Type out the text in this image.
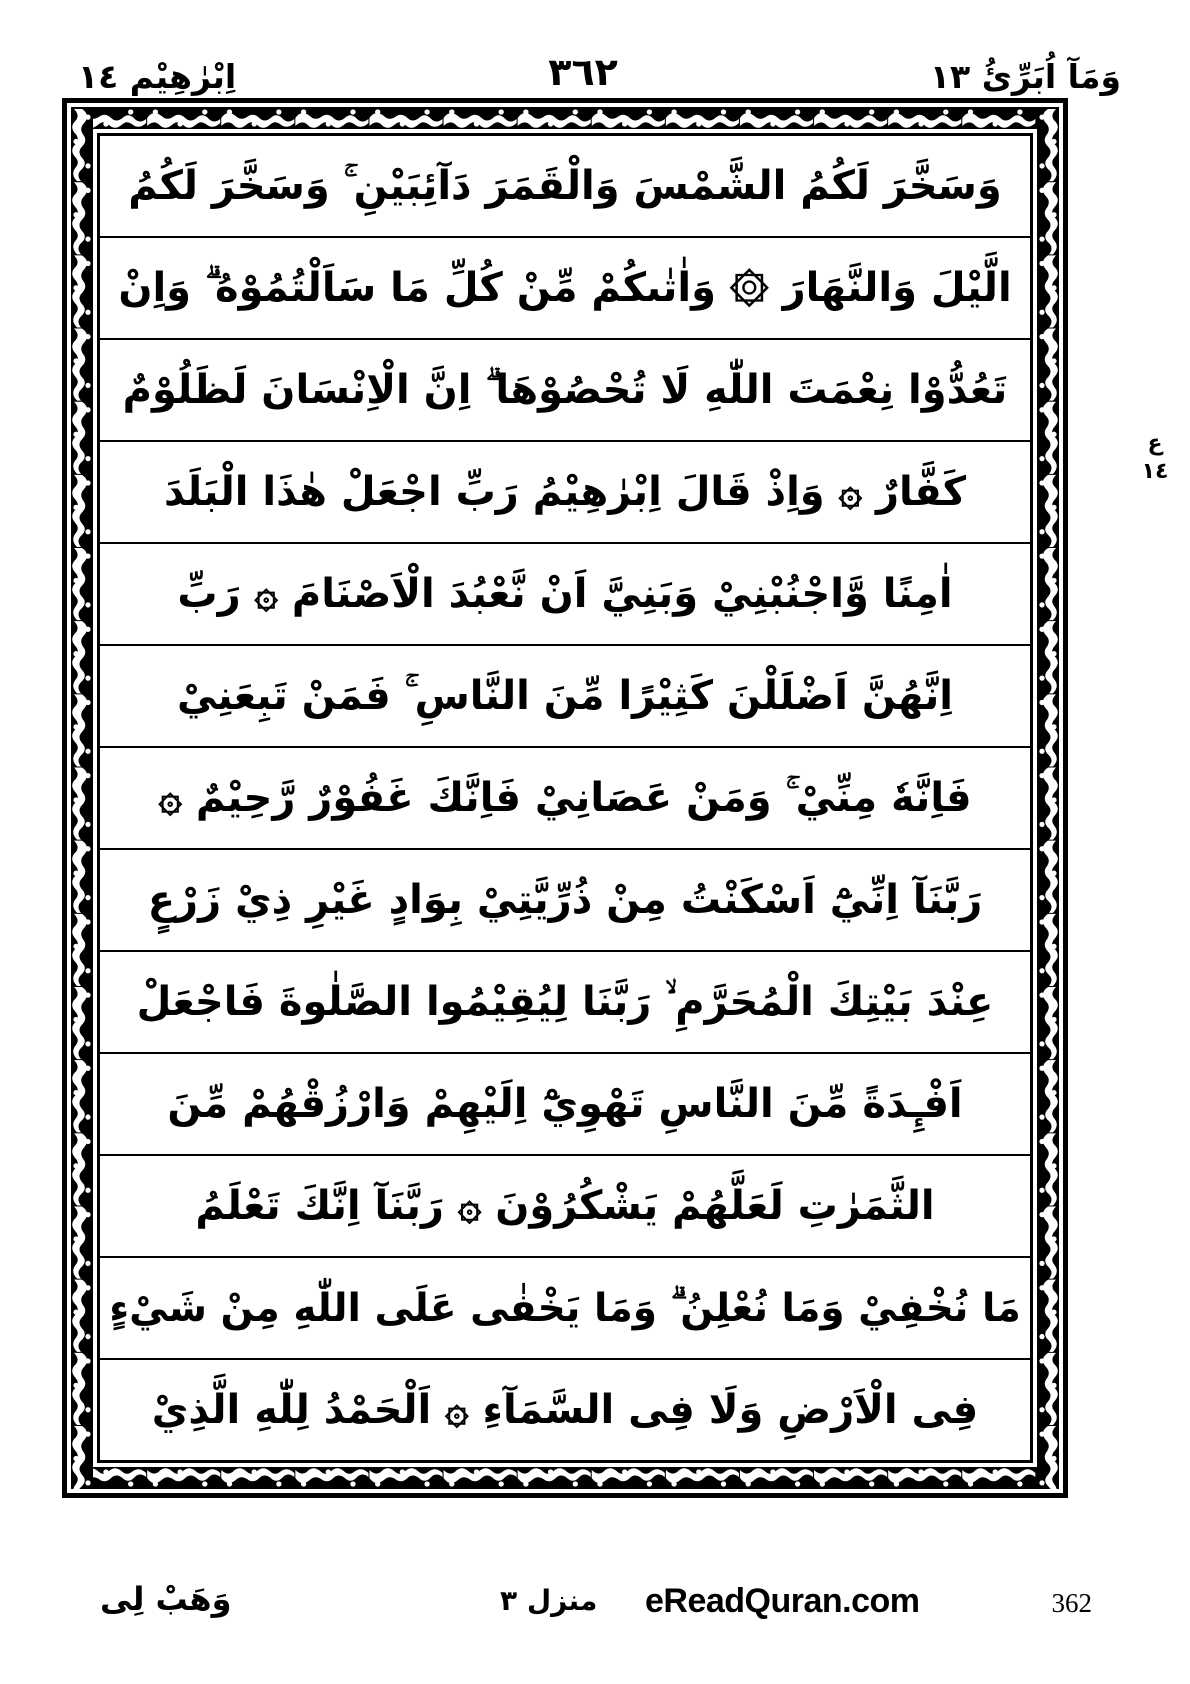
اِبْرٰهِيْم ١٤	٣٦٢	وَمَآ اُبَرِّئُ ١٣
وَسَخَّرَ لَكُمُ الشَّمْسَ وَالْقَمَرَ دَآئِبَيْنِ ۚ وَسَخَّرَ لَكُمُ
الَّيْلَ وَالنَّهَارَ ۞ وَاٰتٰىكُمْ مِّنْ كُلِّ مَا سَاَلْتُمُوْهُ ۗ وَاِنْ
تَعُدُّوْا نِعْمَتَ اللّٰهِ لَا تُحْصُوْهَا ۗ اِنَّ الْاِنْسَانَ لَظَلُوْمٌ
كَفَّارٌ ۞ وَاِذْ قَالَ اِبْرٰهِيْمُ رَبِّ اجْعَلْ هٰذَا الْبَلَدَ
اٰمِنًا وَّاجْنُبْنِيْ وَبَنِيَّ اَنْ نَّعْبُدَ الْاَصْنَامَ ۞ رَبِّ
اِنَّهُنَّ اَضْلَلْنَ كَثِيْرًا مِّنَ النَّاسِ ۚ فَمَنْ تَبِعَنِيْ
فَاِنَّهٗ مِنِّيْ ۚ وَمَنْ عَصَانِيْ فَاِنَّكَ غَفُوْرٌ رَّحِيْمٌ ۞
رَبَّنَآ اِنِّيْٓ اَسْكَنْتُ مِنْ ذُرِّيَّتِيْ بِوَادٍ غَيْرِ ذِيْ زَرْعٍ
عِنْدَ بَيْتِكَ الْمُحَرَّمِ ۙ رَبَّنَا لِيُقِيْمُوا الصَّلٰوةَ فَاجْعَلْ
اَفْـِٕدَةً مِّنَ النَّاسِ تَهْوِيْٓ اِلَيْهِمْ وَارْزُقْهُمْ مِّنَ
الثَّمَرٰتِ لَعَلَّهُمْ يَشْكُرُوْنَ ۞ رَبَّنَآ اِنَّكَ تَعْلَمُ
مَا نُخْفِيْ وَمَا نُعْلِنُ ۗ وَمَا يَخْفٰى عَلَى اللّٰهِ مِنْ شَيْءٍ
فِى الْاَرْضِ وَلَا فِى السَّمَآءِ ۞ اَلْحَمْدُ لِلّٰهِ الَّذِيْ
ع
١٤
وَهَبْ لِى	منزل ٣ eReadQuran.com	362
